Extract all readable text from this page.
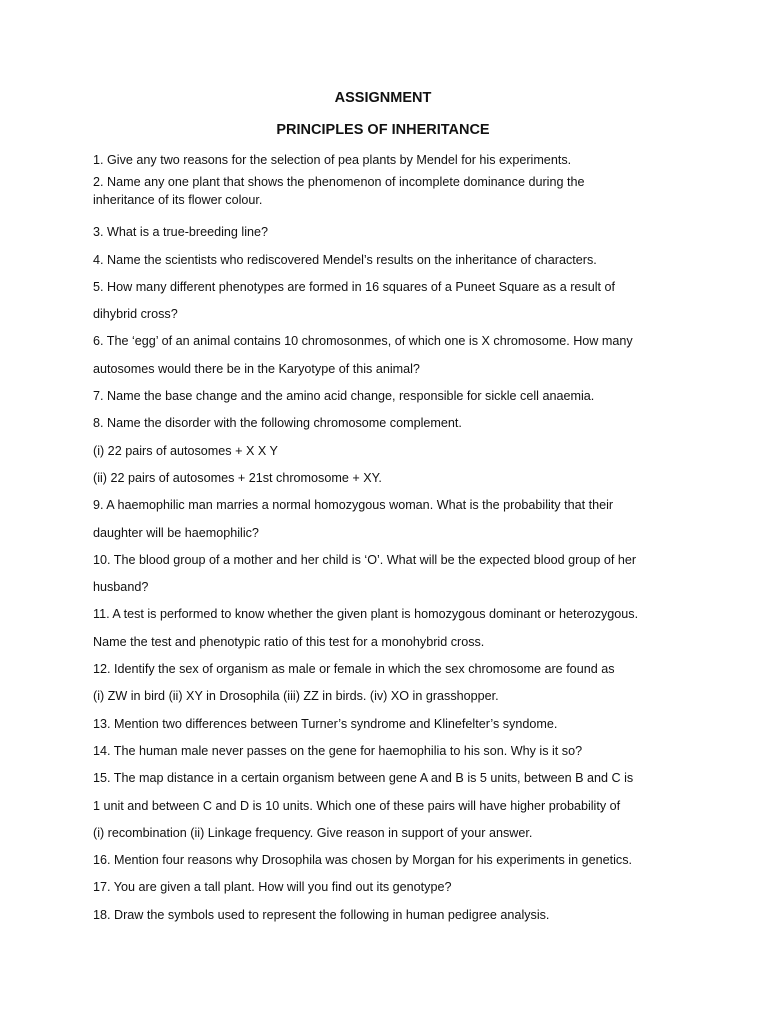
ASSIGNMENT
PRINCIPLES OF INHERITANCE
1. Give any two reasons for the selection of pea plants by Mendel for his experiments.
2. Name any one plant that shows the phenomenon of incomplete dominance during the
inheritance of its flower colour.
3. What is a true-breeding line?
4. Name the scientists who rediscovered Mendel’s results on the inheritance of characters.
5. How many different phenotypes are formed in 16 squares of a Puneet Square as a result of
dihybrid cross?
6. The ‘egg’ of an animal contains 10 chromosonmes, of which one is X chromosome. How many
autosomes would there be in the Karyotype of this animal?
7. Name the base change and the amino acid change, responsible for sickle cell anaemia.
8. Name the disorder with the following chromosome complement.
(i) 22 pairs of autosomes + X X Y
(ii) 22 pairs of autosomes + 21st chromosome + XY.
9. A haemophilic man marries a normal homozygous woman. What is the probability that their
daughter will be haemophilic?
10. The blood group of a mother and her child is ‘O’. What will be the expected blood group of her
husband?
11. A test is performed to know whether the given plant is homozygous dominant or heterozygous.
Name the test and phenotypic ratio of this test for a monohybrid cross.
12. Identify the sex of organism as male or female in which the sex chromosome are found as
(i) ZW in bird (ii) XY in Drosophila (iii) ZZ in birds. (iv) XO in grasshopper.
13. Mention two differences between Turner’s syndrome and Klinefelter’s syndome.
14. The human male never passes on the gene for haemophilia to his son. Why is it so?
15. The map distance in a certain organism between gene A and B is 5 units, between B and C is
1 unit and between C and D is 10 units. Which one of these pairs will have higher probability of
(i) recombination (ii) Linkage frequency. Give reason in support of your answer.
16. Mention four reasons why Drosophila was chosen by Morgan for his experiments in genetics.
17. You are given a tall plant. How will you find out its genotype?
18. Draw the symbols used to represent the following in human pedigree analysis.
